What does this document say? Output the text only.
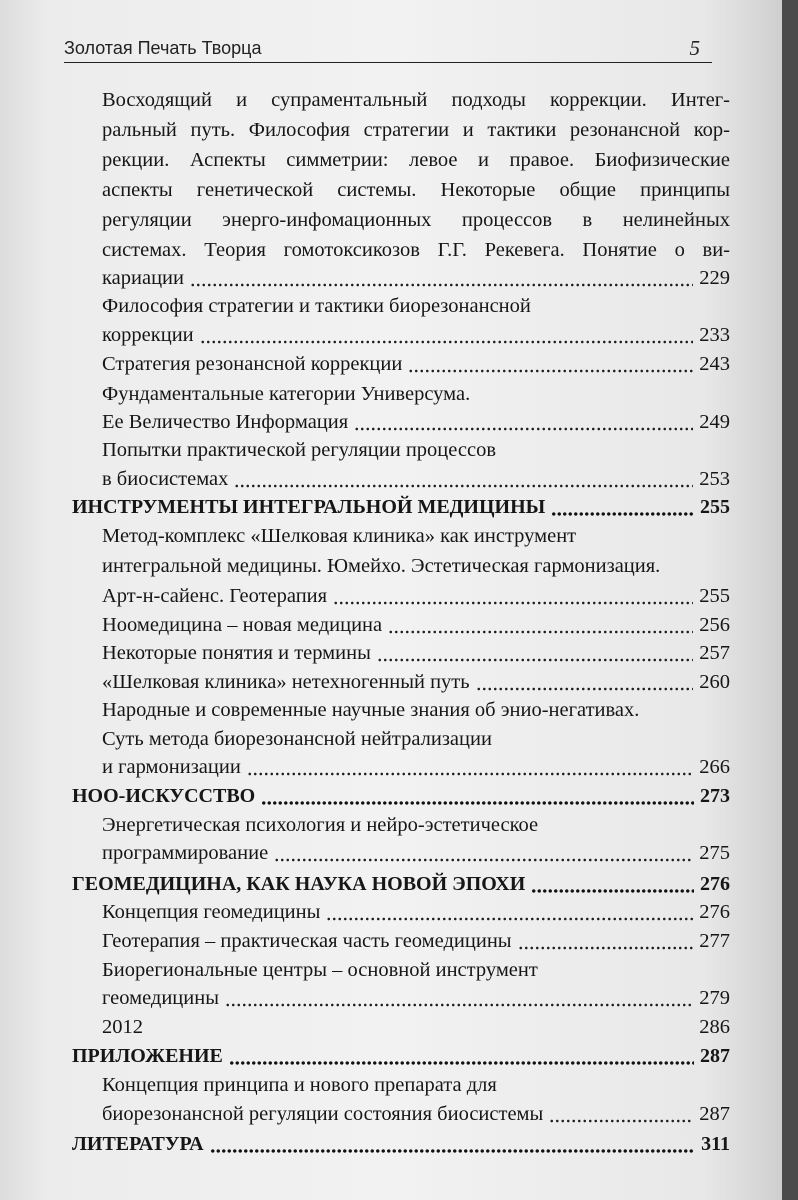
Золотая Печать Творца	5
Восходящий и супраментальный подходы коррекции. Интег-
ральный путь. Философия стратегии и тактики резонансной кор-
рекции. Аспекты симметрии: левое и правое. Биофизические
аспекты генетической системы. Некоторые общие принципы
регуляции энерго-инфомационных процессов в нелинейных
системах. Теория гомотоксикозов Г.Г. Рекевега. Понятие о ви-
кариации	229
Философия стратегии и тактики биорезонансной
коррекции	233
Стратегия резонансной коррекции	243
Фундаментальные категории Универсума.
Ее Величество Информация	249
Попытки практической регуляции процессов
в биосистемах	253
ИНСТРУМЕНТЫ ИНТЕГРАЛЬНОЙ МЕДИЦИНЫ	255
Метод-комплекс «Шелковая клиника» как инструмент
интегральной медицины. Юмейхо. Эстетическая гармонизация.
Арт-н-сайенс. Геотерапия	255
Ноомедицина – новая медицина	256
Некоторые понятия и термины	257
«Шелковая клиника» нетехногенный путь	260
Народные и современные научные знания об энио-негативах.
Суть метода биорезонансной нейтрализации
и гармонизации	266
НОО-ИСКУССТВО	273
Энергетическая психология и нейро-эстетическое
программирование	275
ГЕОМЕДИЦИНА, КАК НАУКА НОВОЙ ЭПОХИ	276
Концепция геомедицины	276
Геотерапия – практическая часть геомедицины	277
Биорегиональные центры – основной инструмент
геомедицины	279
2012	286
ПРИЛОЖЕНИЕ	287
Концепция принципа и нового препарата для
биорезонансной регуляции состояния биосистемы	287
ЛИТЕРАТУРА	311
